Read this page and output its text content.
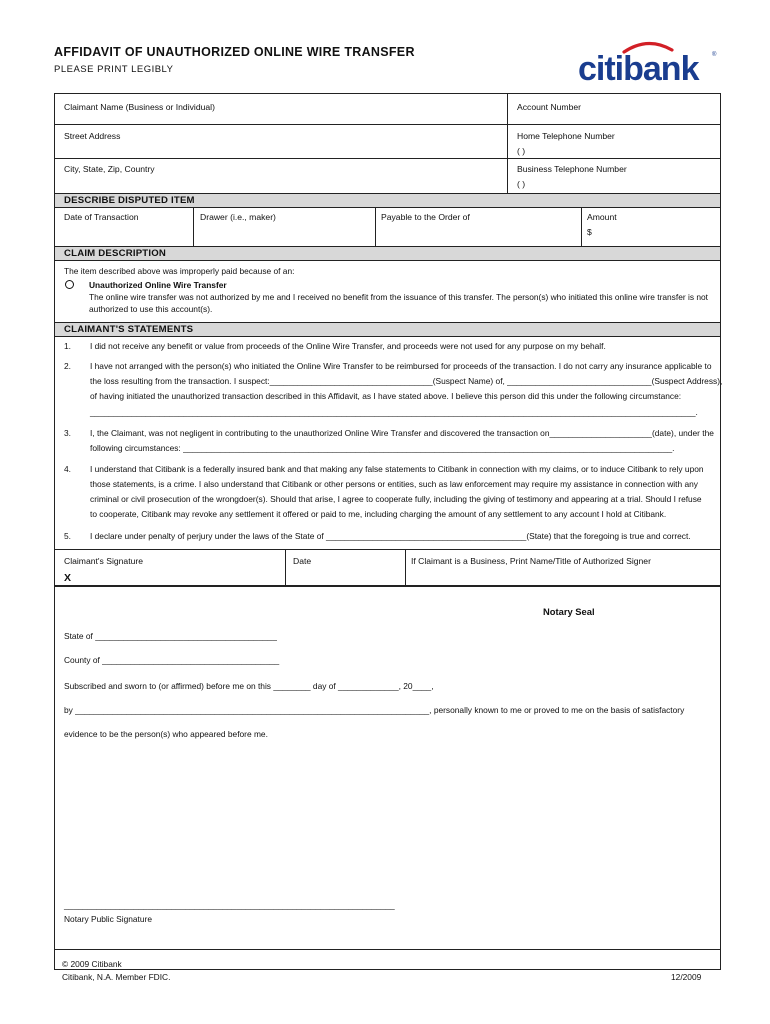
AFFIDAVIT OF UNAUTHORIZED ONLINE WIRE TRANSFER
PLEASE PRINT LEGIBLY	citibank ®
Claimant Name (Business or Individual)	Account Number
Street Address	Home Telephone Number
( )
City, State, Zip, Country	Business Telephone Number
( )
DESCRIBE DISPUTED ITEM
Date of Transaction	Drawer (i.e., maker)	Payable to the Order of	Amount
$
CLAIM DESCRIPTION
The item described above was improperly paid because of an:
Unauthorized Online Wire Transfer
The online wire transfer was not authorized by me and I received no benefit from the issuance of this transfer. The person(s) who initiated this online wire transfer is not authorized to use this account(s).
CLAIMANT'S STATEMENTS
1. I did not receive any benefit or value from proceeds of the Online Wire Transfer, and proceeds were not used for any purpose on my behalf.
2. I have not arranged with the person(s) who initiated the Online Wire Transfer to be reimbursed for proceeds of the transaction. I do not carry any insurance applicable to
the loss resulting from the transaction. I suspect:___________________________________(Suspect Name) of, _______________________________(Suspect Address),
of having initiated the unauthorized transaction described in this Affidavit, as I have stated above. I believe this person did this under the following circumstance:
__________________________________________________________________________________________________________________________________.
3. I, the Claimant, was not negligent in contributing to the unauthorized Online Wire Transfer and discovered the transaction on______________________(date), under the
following circumstances: _________________________________________________________________________________________________________.
4. I understand that Citibank is a federally insured bank and that making any false statements to Citibank in connection with my claims, or to induce Citibank to rely upon
those statements, is a crime. I also understand that Citibank or other persons or entities, such as law enforcement may require my assistance in connection with any
criminal or civil prosecution of the wrongdoer(s). Should that arise, I agree to cooperate fully, including the giving of testimony and appearing at a trial. Should I refuse
to cooperate, Citibank may revoke any settlement it offered or paid to me, including charging the amount of any settlement to any account I hold at Citibank.
5. I declare under penalty of perjury under the laws of the State of ___________________________________________(State) that the foregoing is true and correct.
Claimant's Signature
X
Date	If Claimant is a Business, Print Name/Title of Authorized Signer
Notary Seal
State of _______________________________________
County of ______________________________________
Subscribed and sworn to (or affirmed) before me on this ________ day of _____________, 20____,
by ____________________________________________________________________________, personally known to me or proved to me on the basis of satisfactory
evidence to be the person(s) who appeared before me.
_______________________________________________________________________
Notary Public Signature
© 2009 Citibank
Citibank, N.A. Member FDIC.	12/2009
